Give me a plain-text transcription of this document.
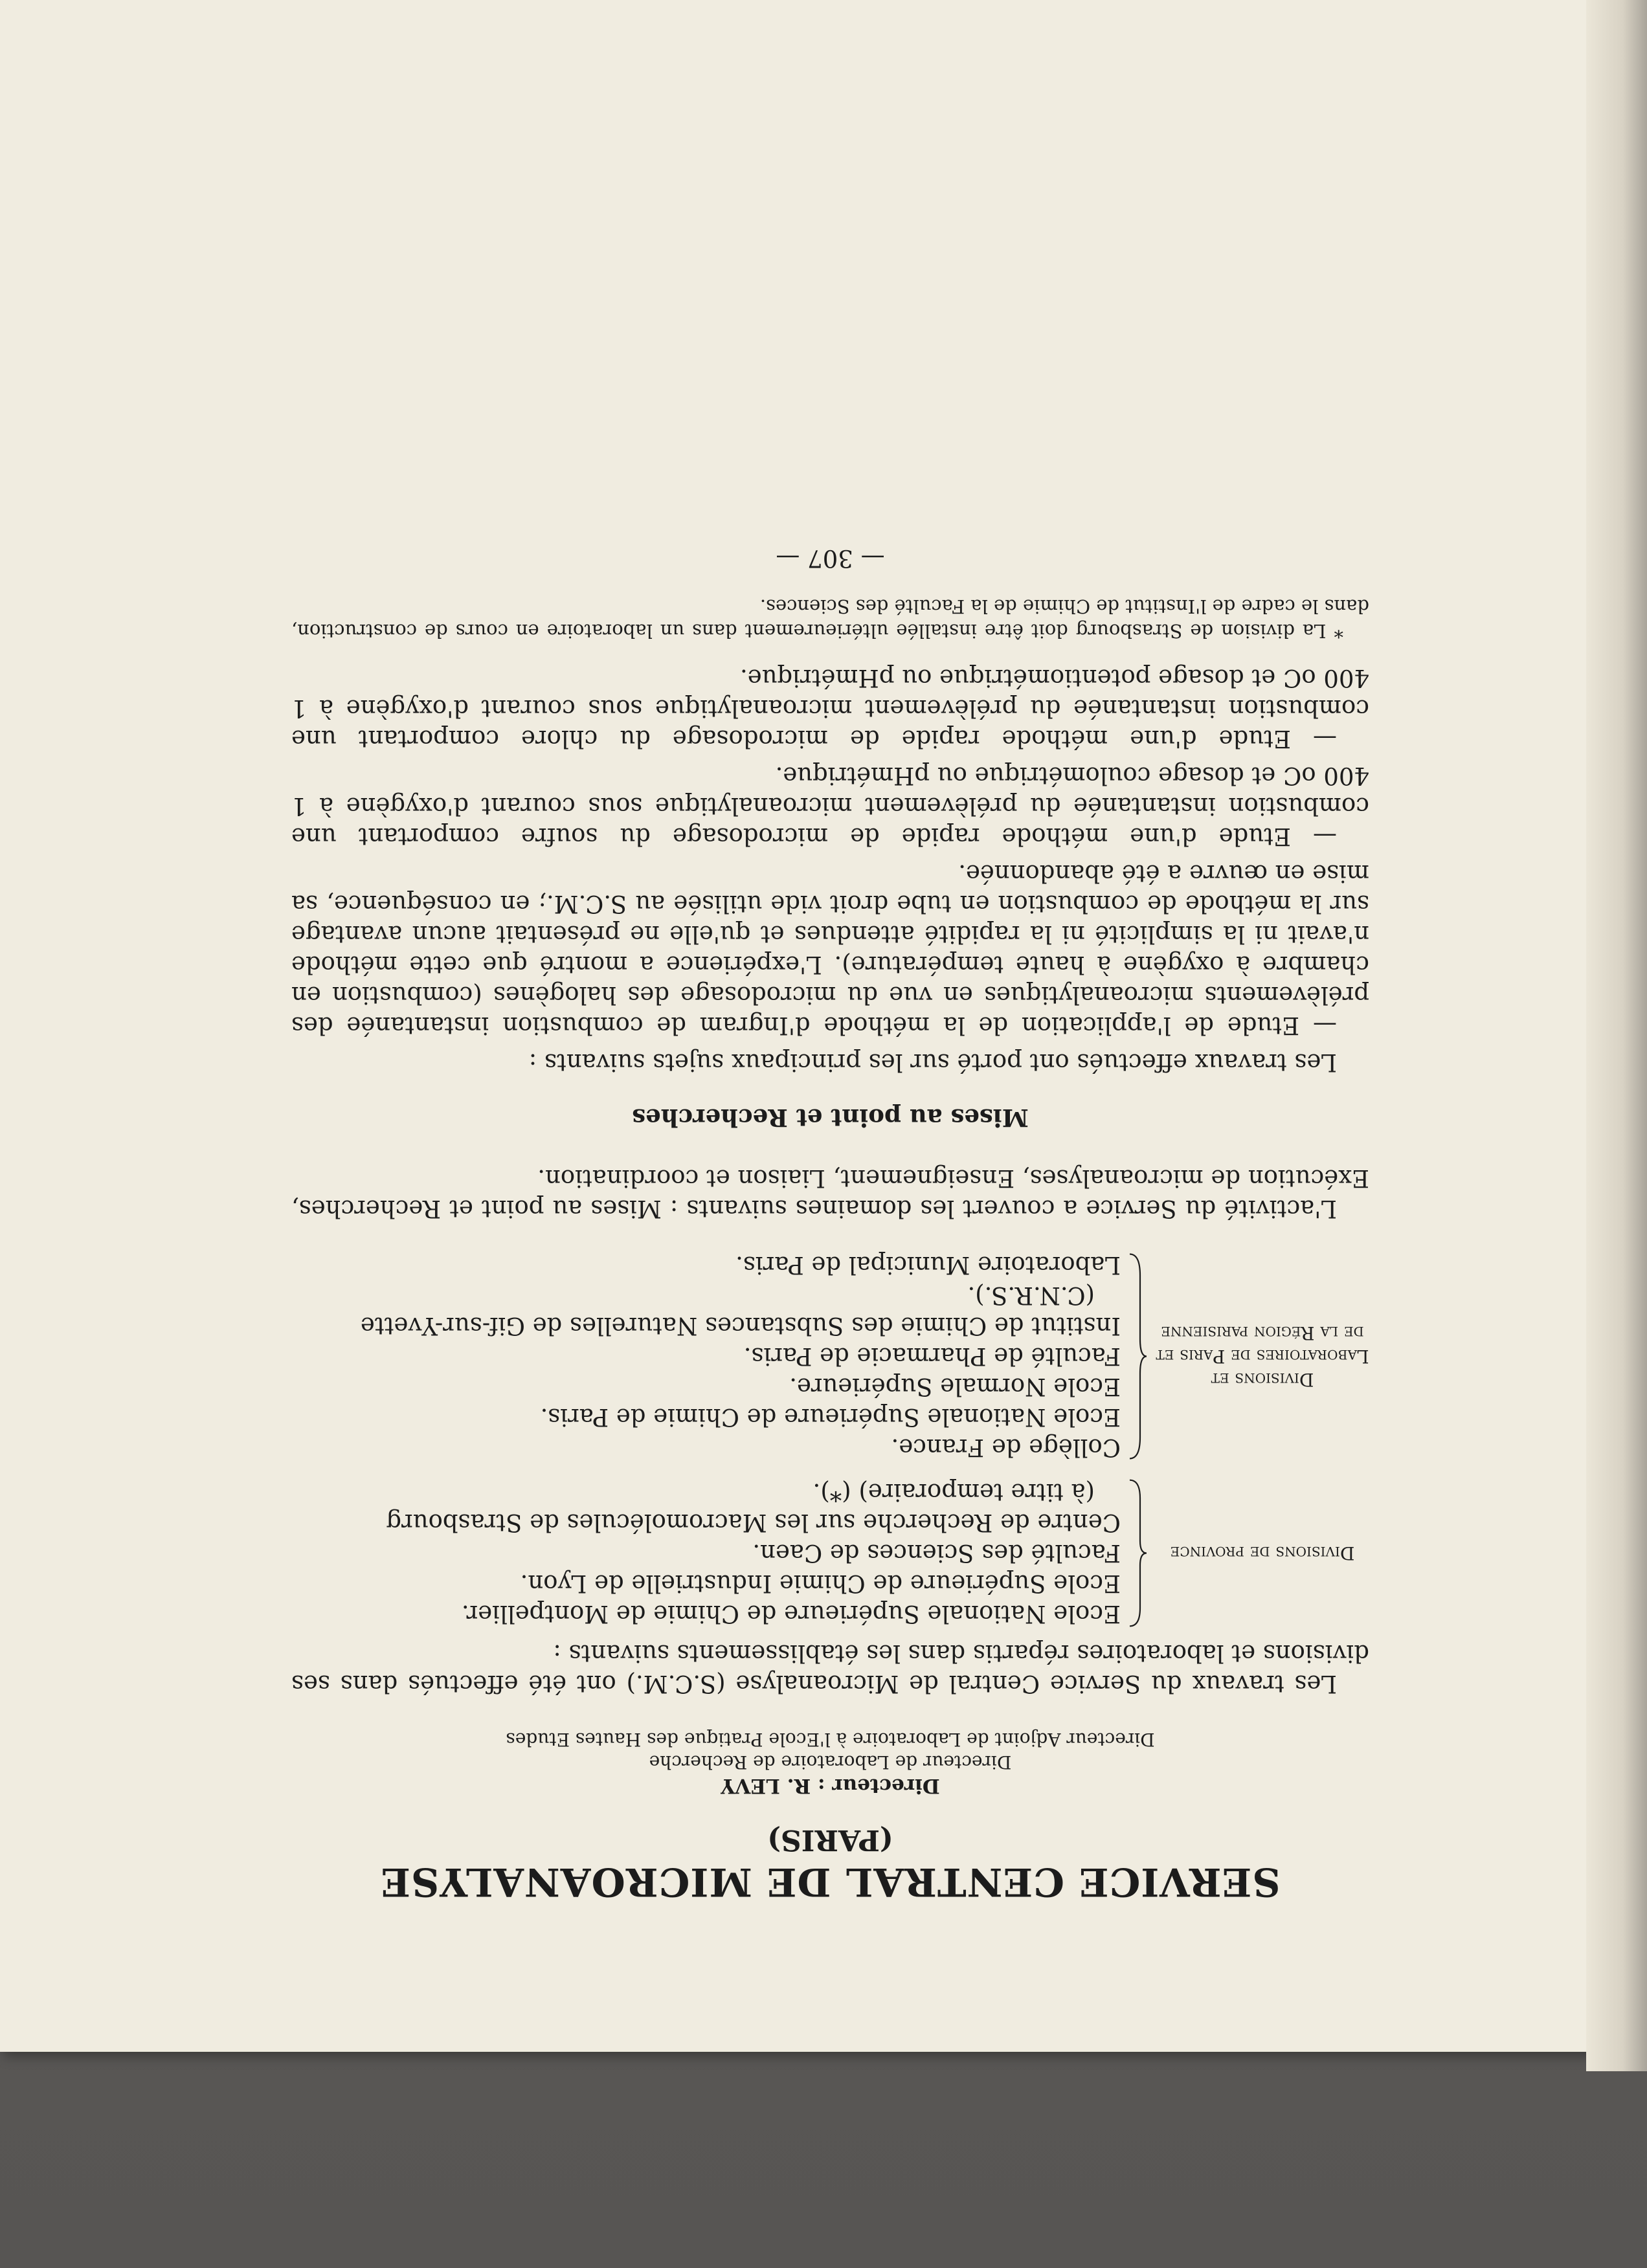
SERVICE CENTRAL DE MICROANALYSE
(PARIS)
Directeur : R. LEVY
Directeur de Laboratoire de Recherche
Directeur Adjoint de Laboratoire à l'Ecole Pratique des Hautes Etudes

Les travaux du Service Central de Microanalyse (S.C.M.) ont été effectués dans ses divisions et laboratoires répartis dans les établissements suivants :

Divisions de province
Ecole Nationale Supérieure de Chimie de Montpellier.
Ecole Supérieure de Chimie Industrielle de Lyon.
Faculté des Sciences de Caen.
Centre de Recherche sur les Macromolécules de Strasbourg
(à titre temporaire) (*).
Divisions et Laboratoires de Paris et de la Région parisienne
Collège de France.
Ecole Nationale Supérieure de Chimie de Paris.
Ecole Normale Supérieure.
Faculté de Pharmacie de Paris.
Institut de Chimie des Substances Naturelles de Gif-sur-Yvette
(C.N.R.S.).
Laboratoire Municipal de Paris.

L'activité du Service a couvert les domaines suivants : Mises au point et Recherches, Exécution de microanalyses, Enseignement, Liaison et coordination.

Mises au point et Recherches

Les travaux effectués ont porté sur les principaux sujets suivants :

— Etude de l'application de la méthode d'Ingram de combustion instantanée des prélèvements microanalytiques en vue du microdosage des halogènes (combustion en chambre à oxygène à haute température). L'expérience a montré que cette méthode n'avait ni la simplicité ni la rapidité attendues et qu'elle ne présentait aucun avantage sur la méthode de combustion en tube droit vide utilisée au S.C.M.; en conséquence, sa mise en œuvre a été abandonnée.

— Etude d'une méthode rapide de microdosage du soufre comportant une combustion instantanée du prélèvement microanalytique sous courant d'oxygène à 1 400 oC et dosage coulométrique ou pHmétrique.

— Etude d'une méthode rapide de microdosage du chlore comportant une combustion instantanée du prélèvement microanalytique sous courant d'oxygène à 1 400 oC et dosage potentiométrique ou pHmétrique.

* La division de Strasbourg doit être installée ultérieurement dans un laboratoire en cours de construction, dans le cadre de l'Institut de Chimie de la Faculté des Sciences.

— 307 —
